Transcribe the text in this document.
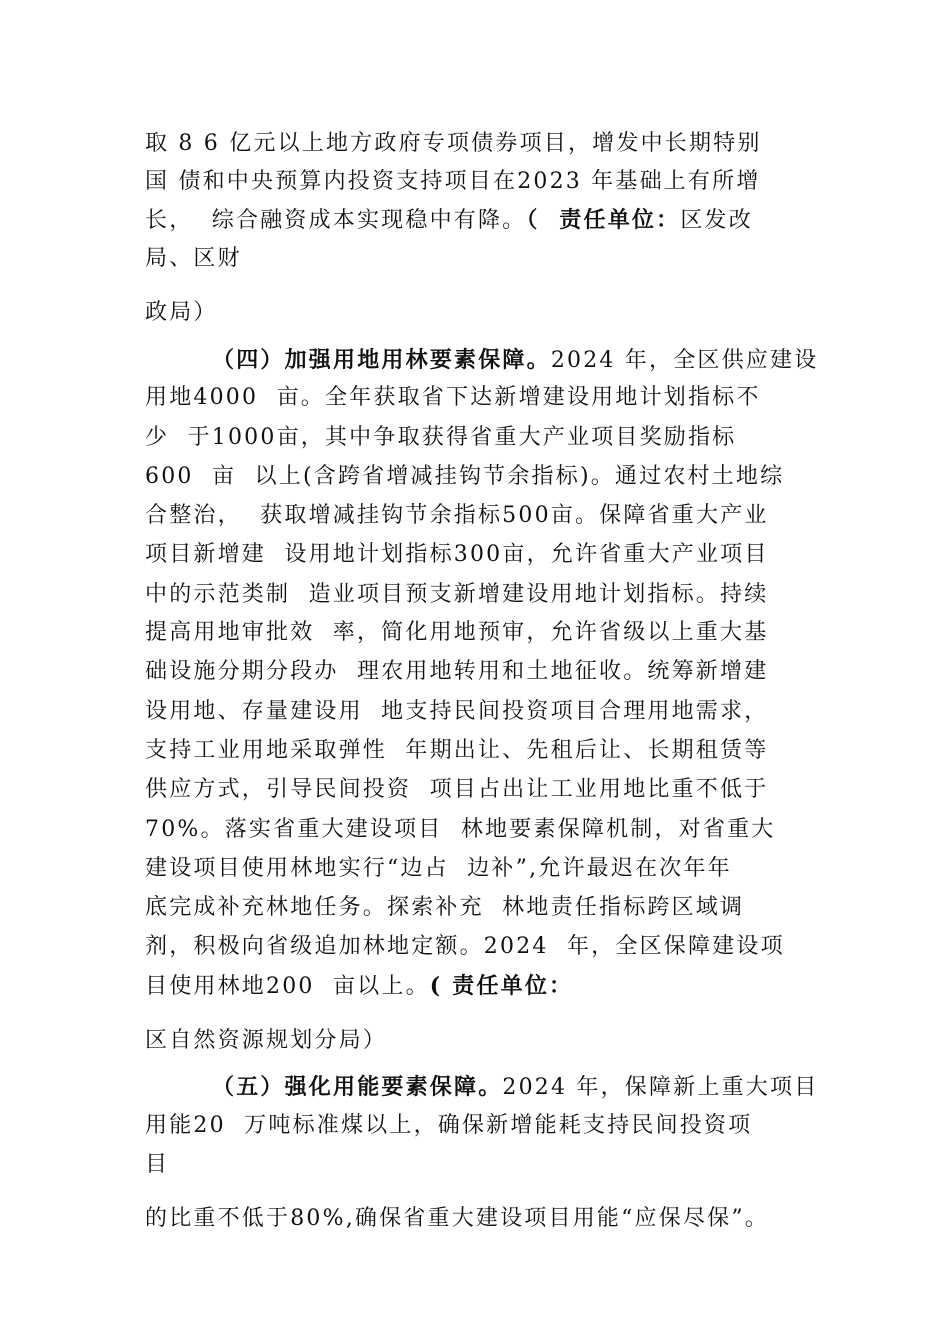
取 8 6 亿元以上地方政府专项债券项目，增发中长期特别
国 债和中央预算内投资支持项目在2023 年基础上有所增
长，  综合融资成本实现稳中有降。（  责任单位：区发改
局、区财
政局）
（四）加强用地用林要素保障。2024 年，全区供应建设
用地4000  亩。全年获取省下达新增建设用地计划指标不
少  于1000亩，其中争取获得省重大产业项目奖励指标
600  亩  以上(含跨省增减挂钩节余指标)。通过农村土地综
合整治，  获取增减挂钩节余指标500亩。保障省重大产业
项目新增建  设用地计划指标300亩，允许省重大产业项目
中的示范类制  造业项目预支新增建设用地计划指标。持续
提高用地审批效  率，简化用地预审，允许省级以上重大基
础设施分期分段办  理农用地转用和土地征收。统筹新增建
设用地、存量建设用  地支持民间投资项目合理用地需求，
支持工业用地采取弹性  年期出让、先租后让、长期租赁等
供应方式，引导民间投资  项目占出让工业用地比重不低于
70%。落实省重大建设项目  林地要素保障机制，对省重大
建设项目使用林地实行“边占  边补”,允许最迟在次年年
底完成补充林地任务。探索补充  林地责任指标跨区域调
剂，积极向省级追加林地定额。2024  年，全区保障建设项
目使用林地200  亩以上。( 责任单位：
区自然资源规划分局）
（五）强化用能要素保障。2024 年，保障新上重大项目
用能20  万吨标准煤以上，确保新增能耗支持民间投资项
目
的比重不低于80%,确保省重大建设项目用能“应保尽保”。
